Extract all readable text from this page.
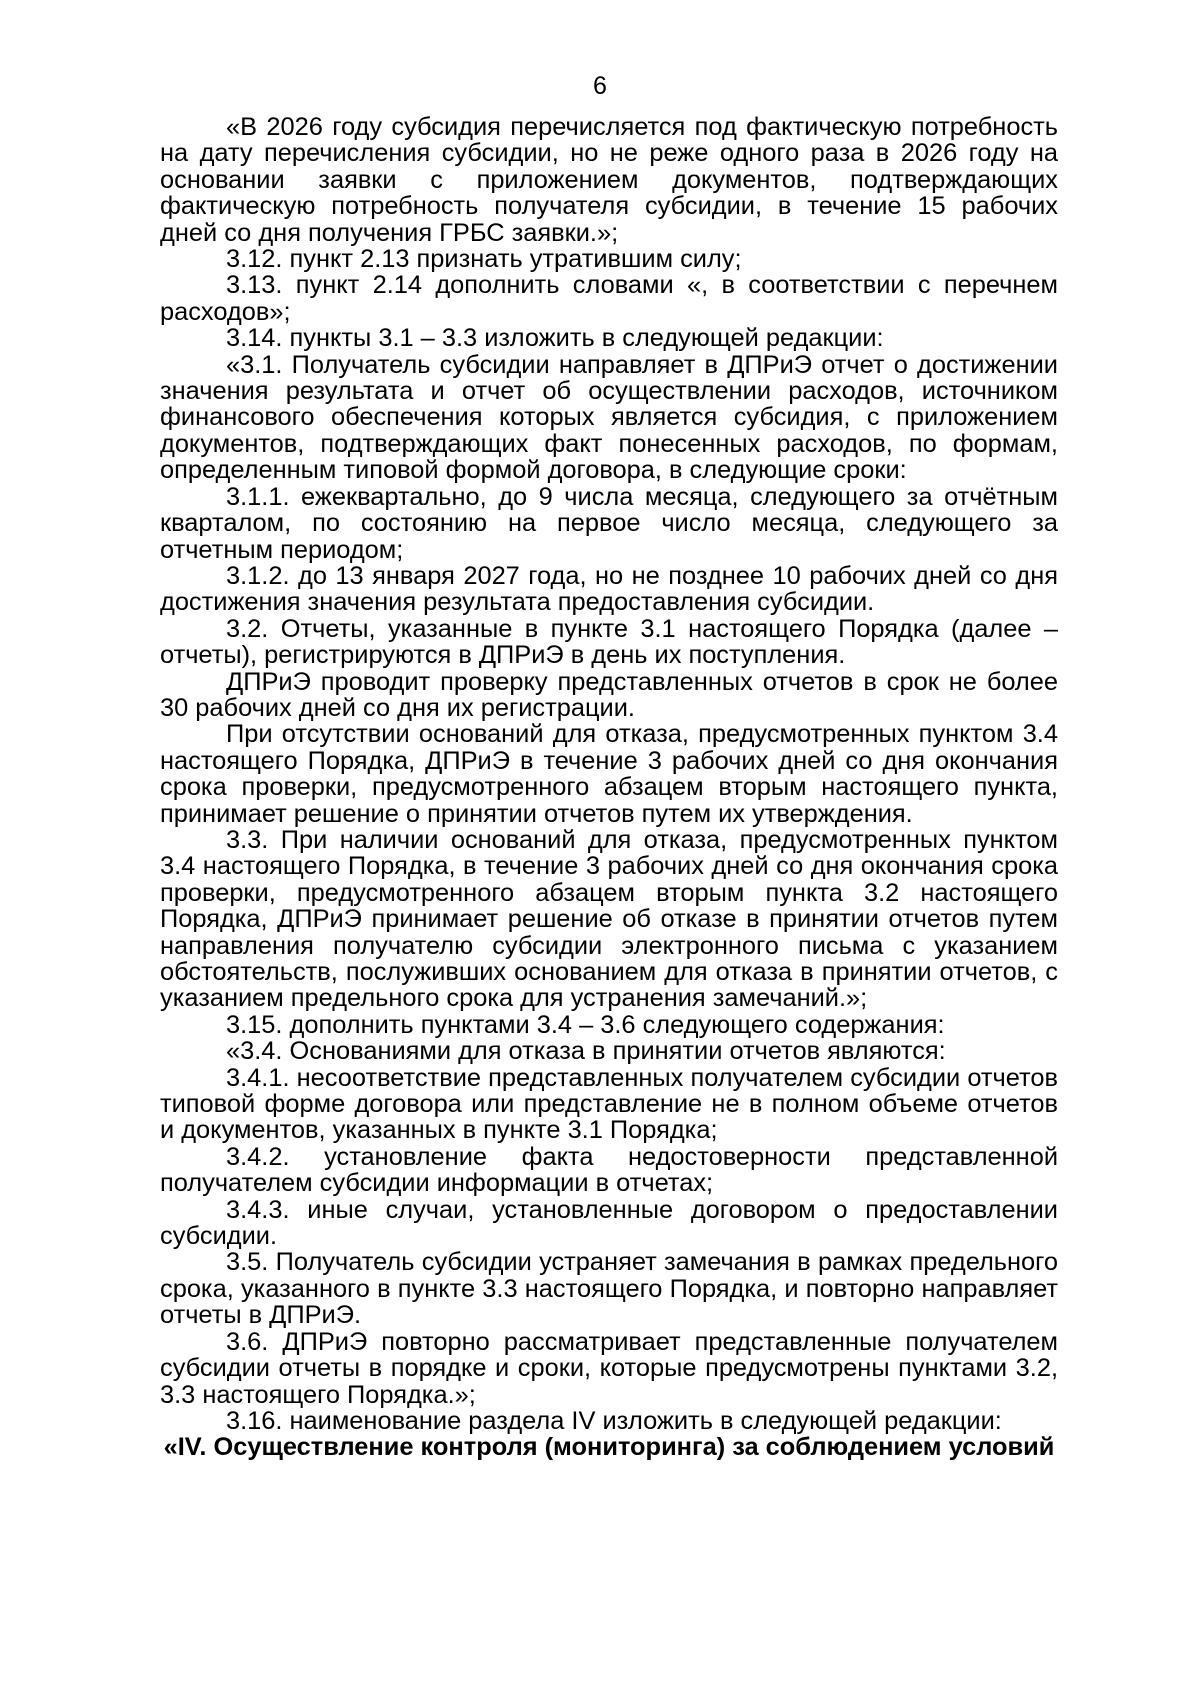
6

«В 2026 году субсидия перечисляется под фактическую потребность на дату перечисления субсидии, но не реже одного раза в 2026 году на основании заявки с приложением документов, подтверждающих фактическую потребность получателя субсидии, в течение 15 рабочих дней со дня получения ГРБС заявки.»;

3.12. пункт 2.13 признать утратившим силу;

3.13. пункт 2.14 дополнить словами «, в соответствии с перечнем расходов»;

3.14. пункты 3.1 – 3.3 изложить в следующей редакции:

«3.1. Получатель субсидии направляет в ДПРиЭ отчет о достижении значения результата и отчет об осуществлении расходов, источником финансового обеспечения которых является субсидия, с приложением документов, подтверждающих факт понесенных расходов, по формам, определенным типовой формой договора, в следующие сроки:

3.1.1. ежеквартально, до 9 числа месяца, следующего за отчётным кварталом, по состоянию на первое число месяца, следующего за отчетным периодом;

3.1.2. до 13 января 2027 года, но не позднее 10 рабочих дней со дня достижения значения результата предоставления субсидии.

3.2. Отчеты, указанные в пункте 3.1 настоящего Порядка (далее – отчеты), регистрируются в ДПРиЭ в день их поступления.

ДПРиЭ проводит проверку представленных отчетов в срок не более 30 рабочих дней со дня их регистрации.

При отсутствии оснований для отказа, предусмотренных пунктом 3.4 настоящего Порядка, ДПРиЭ в течение 3 рабочих дней со дня окончания срока проверки, предусмотренного абзацем вторым настоящего пункта, принимает решение о принятии отчетов путем их утверждения.

3.3. При наличии оснований для отказа, предусмотренных пунктом 3.4 настоящего Порядка, в течение 3 рабочих дней со дня окончания срока проверки, предусмотренного абзацем вторым пункта 3.2 настоящего Порядка, ДПРиЭ принимает решение об отказе в принятии отчетов путем направления получателю субсидии электронного письма с указанием обстоятельств, послуживших основанием для отказа в принятии отчетов, с указанием предельного срока для устранения замечаний.»;

3.15. дополнить пунктами 3.4 – 3.6 следующего содержания:

«3.4. Основаниями для отказа в принятии отчетов являются:

3.4.1. несоответствие представленных получателем субсидии отчетов типовой форме договора или представление не в полном объеме отчетов и документов, указанных в пункте 3.1 Порядка;

3.4.2. установление факта недостоверности представленной получателем субсидии информации в отчетах;

3.4.3. иные случаи, установленные договором о предоставлении субсидии.

3.5. Получатель субсидии устраняет замечания в рамках предельного срока, указанного в пункте 3.3 настоящего Порядка, и повторно направляет отчеты в ДПРиЭ.

3.6. ДПРиЭ повторно рассматривает представленные получателем субсидии отчеты в порядке и сроки, которые предусмотрены пунктами 3.2, 3.3 настоящего Порядка.»;

3.16. наименование раздела IV изложить в следующей редакции:

«IV. Осуществление контроля (мониторинга) за соблюдением условий
